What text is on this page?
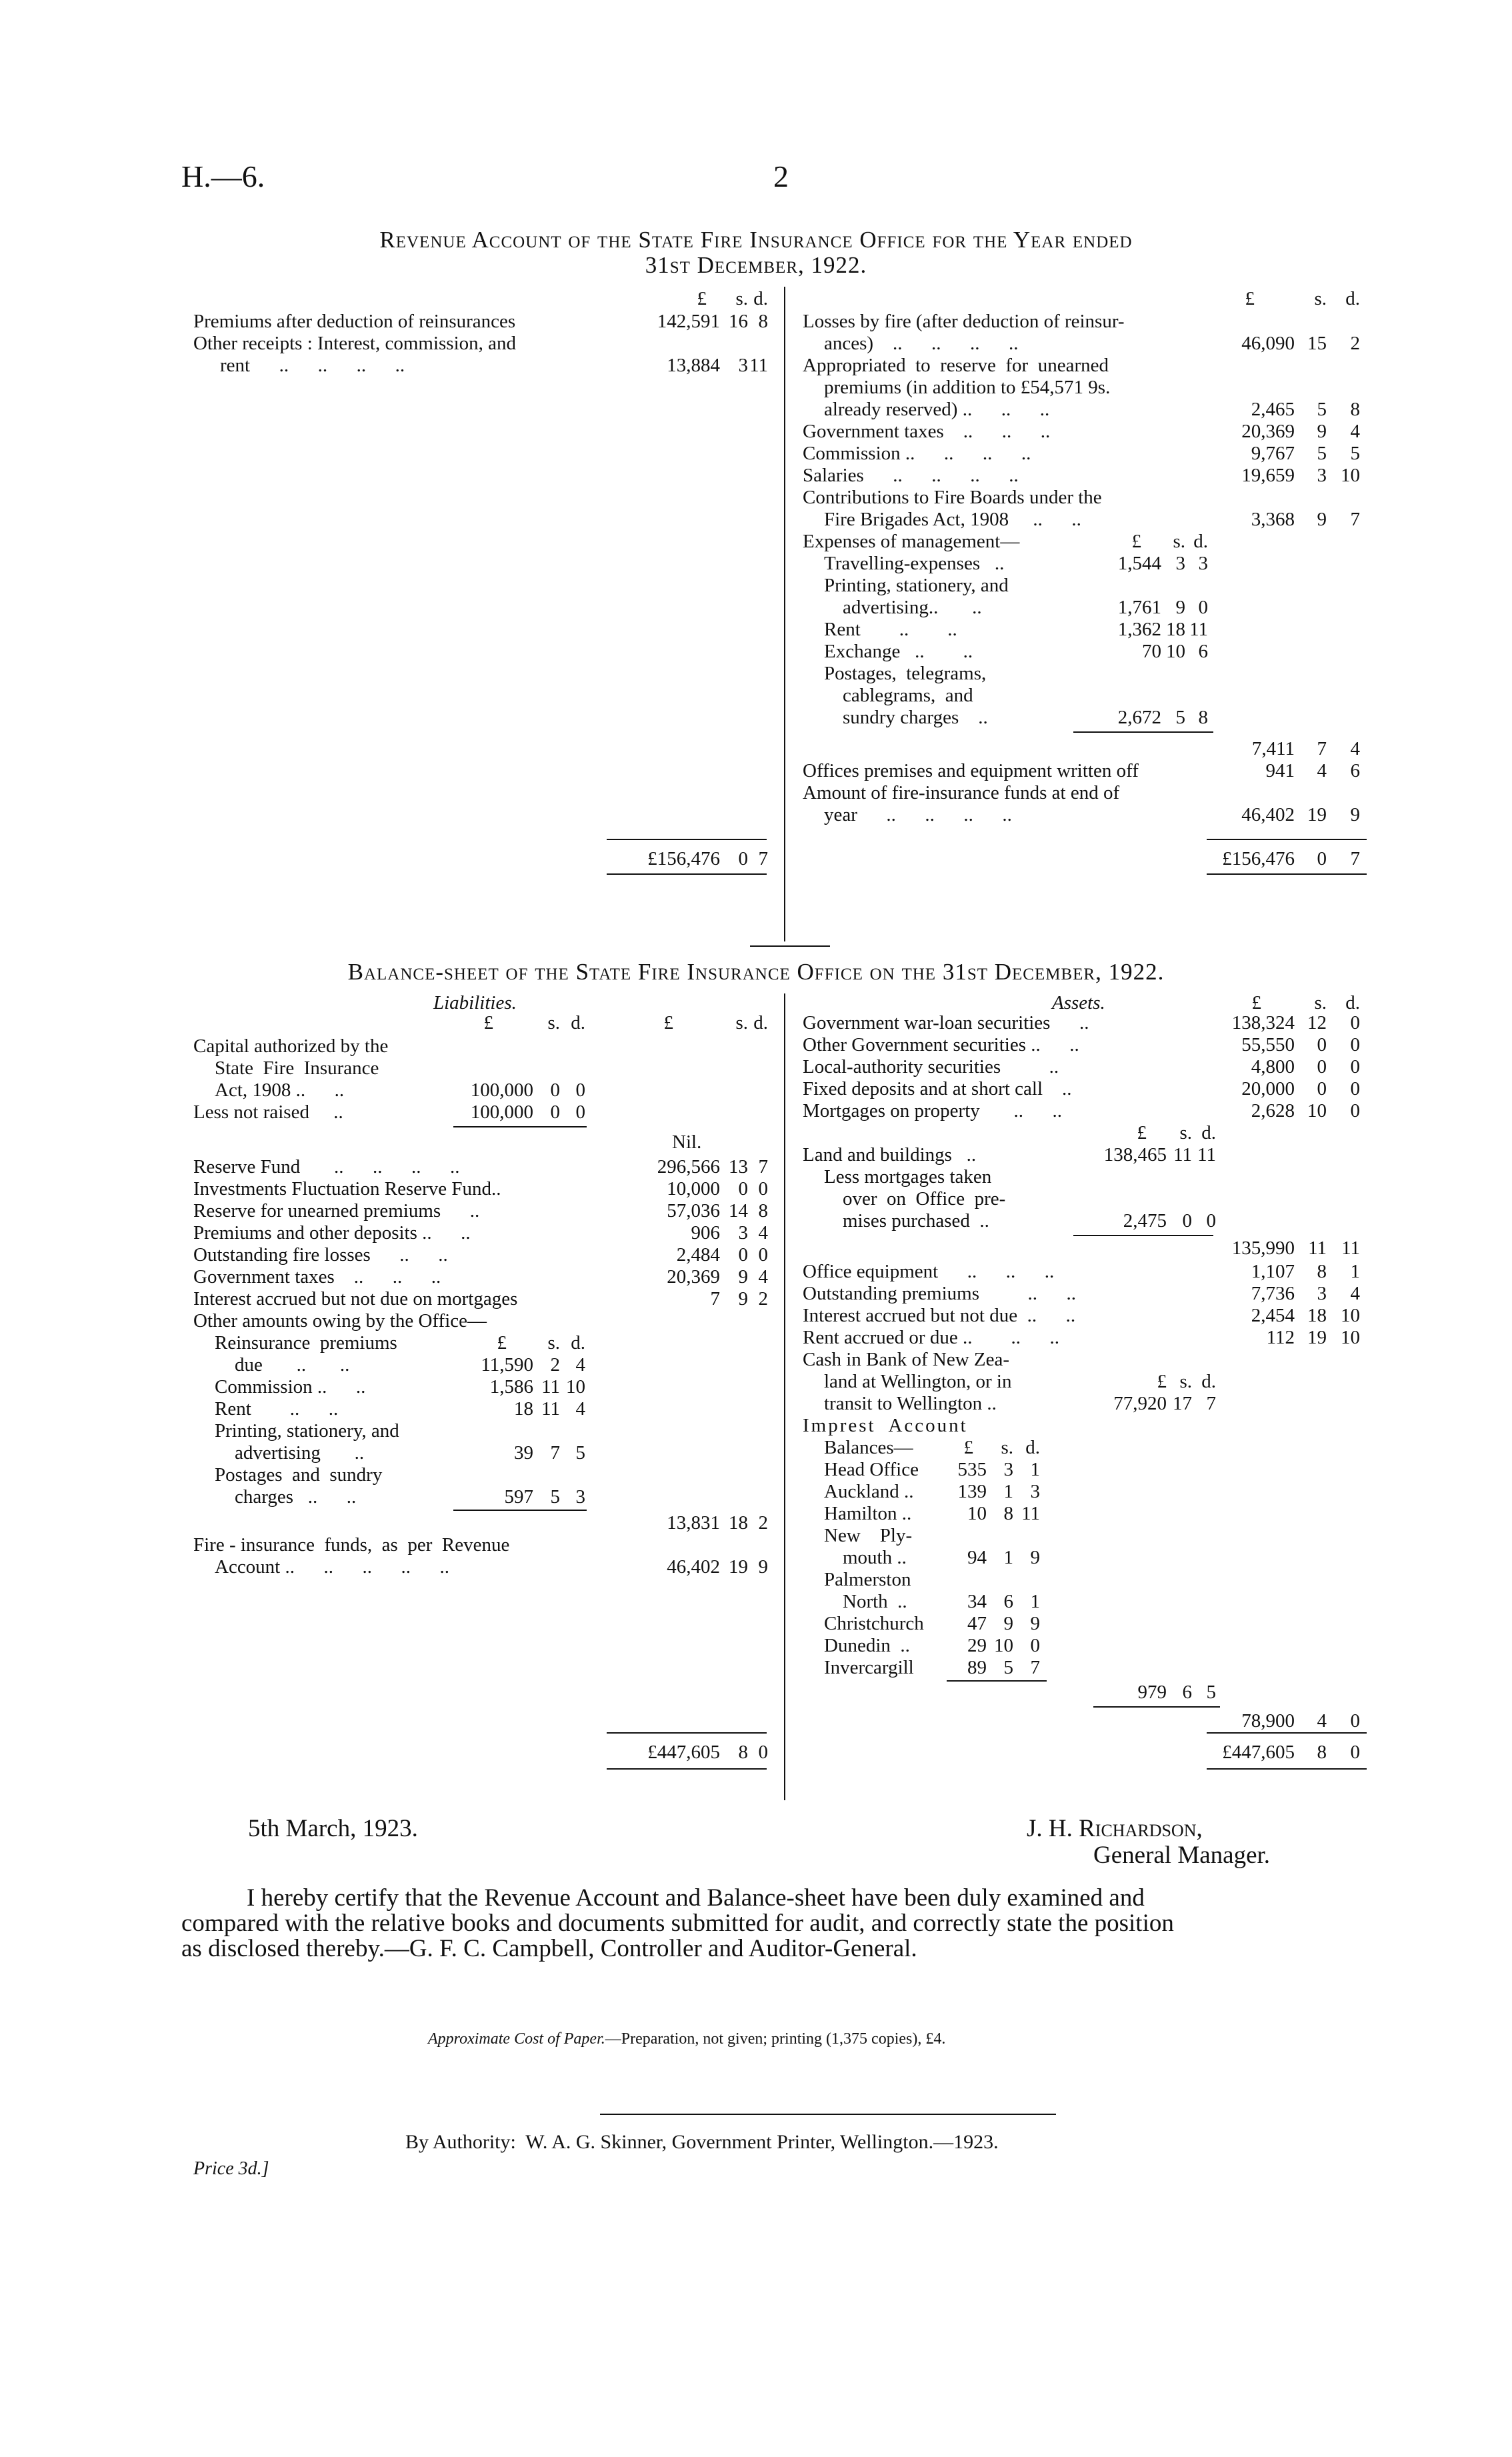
H.—6.	2
Revenue Account of the State Fire Insurance Office for the Year ended
31st December, 1922.
Balance-sheet of the State Fire Insurance Office on the 31st December, 1922.
Liabilities.	Assets.
5th March, 1923.	J. H. Richardson,
General Manager.
I hereby certify that the Revenue Account and Balance-sheet have been duly examined and
compared with the relative books and documents submitted for audit, and correctly state the position
as disclosed thereby.—G. F. C. Campbell, Controller and Auditor-General.
Approximate Cost of Paper.—Preparation, not given; printing (1,375 copies), £4.
By Authority:  W. A. G. Skinner, Government Printer, Wellington.—1923.
Price 3d.]
£	s. d.
Premiums after deduction of reinsurances	142,591 16 8
Other receipts : Interest, commission, and
rent      ..      ..      ..      ..	13,884 3 11
£156,476 0 7
£	s. d.
Losses by fire (after deduction of reinsur-
ances)    ..      ..      ..      ..	46,090 15	2
Appropriated  to  reserve  for  unearned
premiums (in addition to £54,571 9s.
already reserved) ..      ..      ..	2,465	5	8
Government taxes    ..      ..      ..	20,369	9	4
Commission ..      ..      ..      ..	9,767	5	5
Salaries      ..      ..      ..      ..	19,659	3 10
Contributions to Fire Boards under the
Fire Brigades Act, 1908     ..      ..	3,368	9	7
Expenses of management—	£	s. d.
Travelling-expenses   ..	1,544 3 3
Printing, stationery, and
advertising..       ..	1,761 9 0
Rent        ..        ..	1,362 18 11
Exchange   ..        ..	70 10 6
Postages,  telegrams,
cablegrams,  and
sundry charges    ..	2,672 5 8
7,411	7	4
Offices premises and equipment written off	941	4	6
Amount of fire-insurance funds at end of
year      ..      ..      ..      ..	46,402 19	9
£156,476	0	7
£	s. d.	£	s. d.
Capital authorized by the
State  Fire  Insurance
Act, 1908 ..      ..	100,000 0 0
Less not raised     ..	100,000 0 0
Nil.
Reserve Fund       ..      ..      ..      ..	296,566 13 7
Investments Fluctuation Reserve Fund..	10,000 0 0
Reserve for unearned premiums      ..	57,036 14 8
Premiums and other deposits ..      ..	906 3 4
Outstanding fire losses      ..      ..	2,484 0 0
Government taxes    ..      ..      ..	20,369 9 4
Interest accrued but not due on mortgages	7 9 2
Other amounts owing by the Office—
Reinsurance  premiums	£	s. d.
due       ..       ..	11,590 2 4
Commission ..      ..	1,586 11 10
Rent        ..      ..	18 11 4
Printing, stationery, and
advertising       ..	39 7 5
Postages  and  sundry
charges   ..      ..	597 5 3
13,831 18 2
Fire - insurance  funds,  as  per  Revenue
Account ..      ..      ..      ..      ..	46,402 19 9
£447,605 8 0
£	s. d.
Government war-loan securities      ..	138,324 12	0
Other Government securities ..      ..	55,550	0	0
Local-authority securities          ..	4,800	0	0
Fixed deposits and at short call    ..	20,000	0	0
Mortgages on property       ..      ..	2,628 10	0
£	s. d.
Land and buildings   ..	138,465 11 11
Less mortgages taken
over  on  Office  pre-
mises purchased  ..	2,475 0 0
135,990 11 11
Office equipment      ..      ..      ..	1,107	8	1
Outstanding premiums          ..      ..	7,736	3	4
Interest accrued but not due  ..      ..	2,454 18 10
Rent accrued or due ..        ..      ..	112 19 10
Cash in Bank of New Zea-
land at Wellington, or in	£ s. d.
transit to Wellington ..	77,920 17 7
Imprest  Account
Balances—	£	s. d.
Head Office	535 3 1
Auckland ..	139 1 3
Hamilton ..	10 8 11
New    Ply-
mouth ..	94 1 9
Palmerston
North  ..	34 6 1
Christchurch	47 9 9
Dunedin  ..	29 10 0
Invercargill	89 5 7
979 6 5
78,900	4	0
£447,605	8	0
